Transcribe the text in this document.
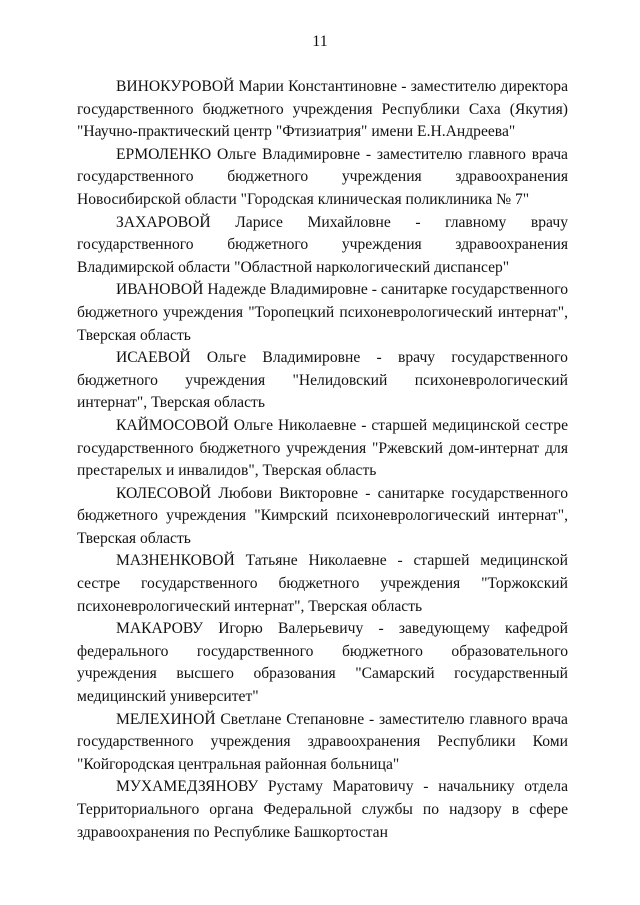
11

ВИНОКУРОВОЙ Марии Константиновне - заместителю директора государственного бюджетного учреждения Республики Саха (Якутия) "Научно-практический центр "Фтизиатрия" имени Е.Н.Андреева"

ЕРМОЛЕНКО Ольге Владимировне - заместителю главного врача государственного бюджетного учреждения здравоохранения Новосибирской области "Городская клиническая поликлиника № 7"

ЗАХАРОВОЙ Ларисе Михайловне - главному врачу государственного бюджетного учреждения здравоохранения Владимирской области "Областной наркологический диспансер"

ИВАНОВОЙ Надежде Владимировне - санитарке государственного бюджетного учреждения "Торопецкий психоневрологический интернат", Тверская область

ИСАЕВОЙ Ольге Владимировне - врачу государственного бюджетного учреждения "Нелидовский психоневрологический интернат", Тверская область

КАЙМОСОВОЙ Ольге Николаевне - старшей медицинской сестре государственного бюджетного учреждения "Ржевский дом-интернат для престарелых и инвалидов", Тверская область

КОЛЕСОВОЙ Любови Викторовне - санитарке государственного бюджетного учреждения "Кимрский психоневрологический интернат", Тверская область

МАЗНЕНКОВОЙ Татьяне Николаевне - старшей медицинской сестре государственного бюджетного учреждения "Торжокский психоневрологический интернат", Тверская область

МАКАРОВУ Игорю Валерьевичу - заведующему кафедрой федерального государственного бюджетного образовательного учреждения высшего образования "Самарский государственный медицинский университет"

МЕЛЕХИНОЙ Светлане Степановне - заместителю главного врача государственного учреждения здравоохранения Республики Коми "Койгородская центральная районная больница"

МУХАМЕДЗЯНОВУ Рустаму Маратовичу - начальнику отдела Территориального органа Федеральной службы по надзору в сфере здравоохранения по Республике Башкортостан
